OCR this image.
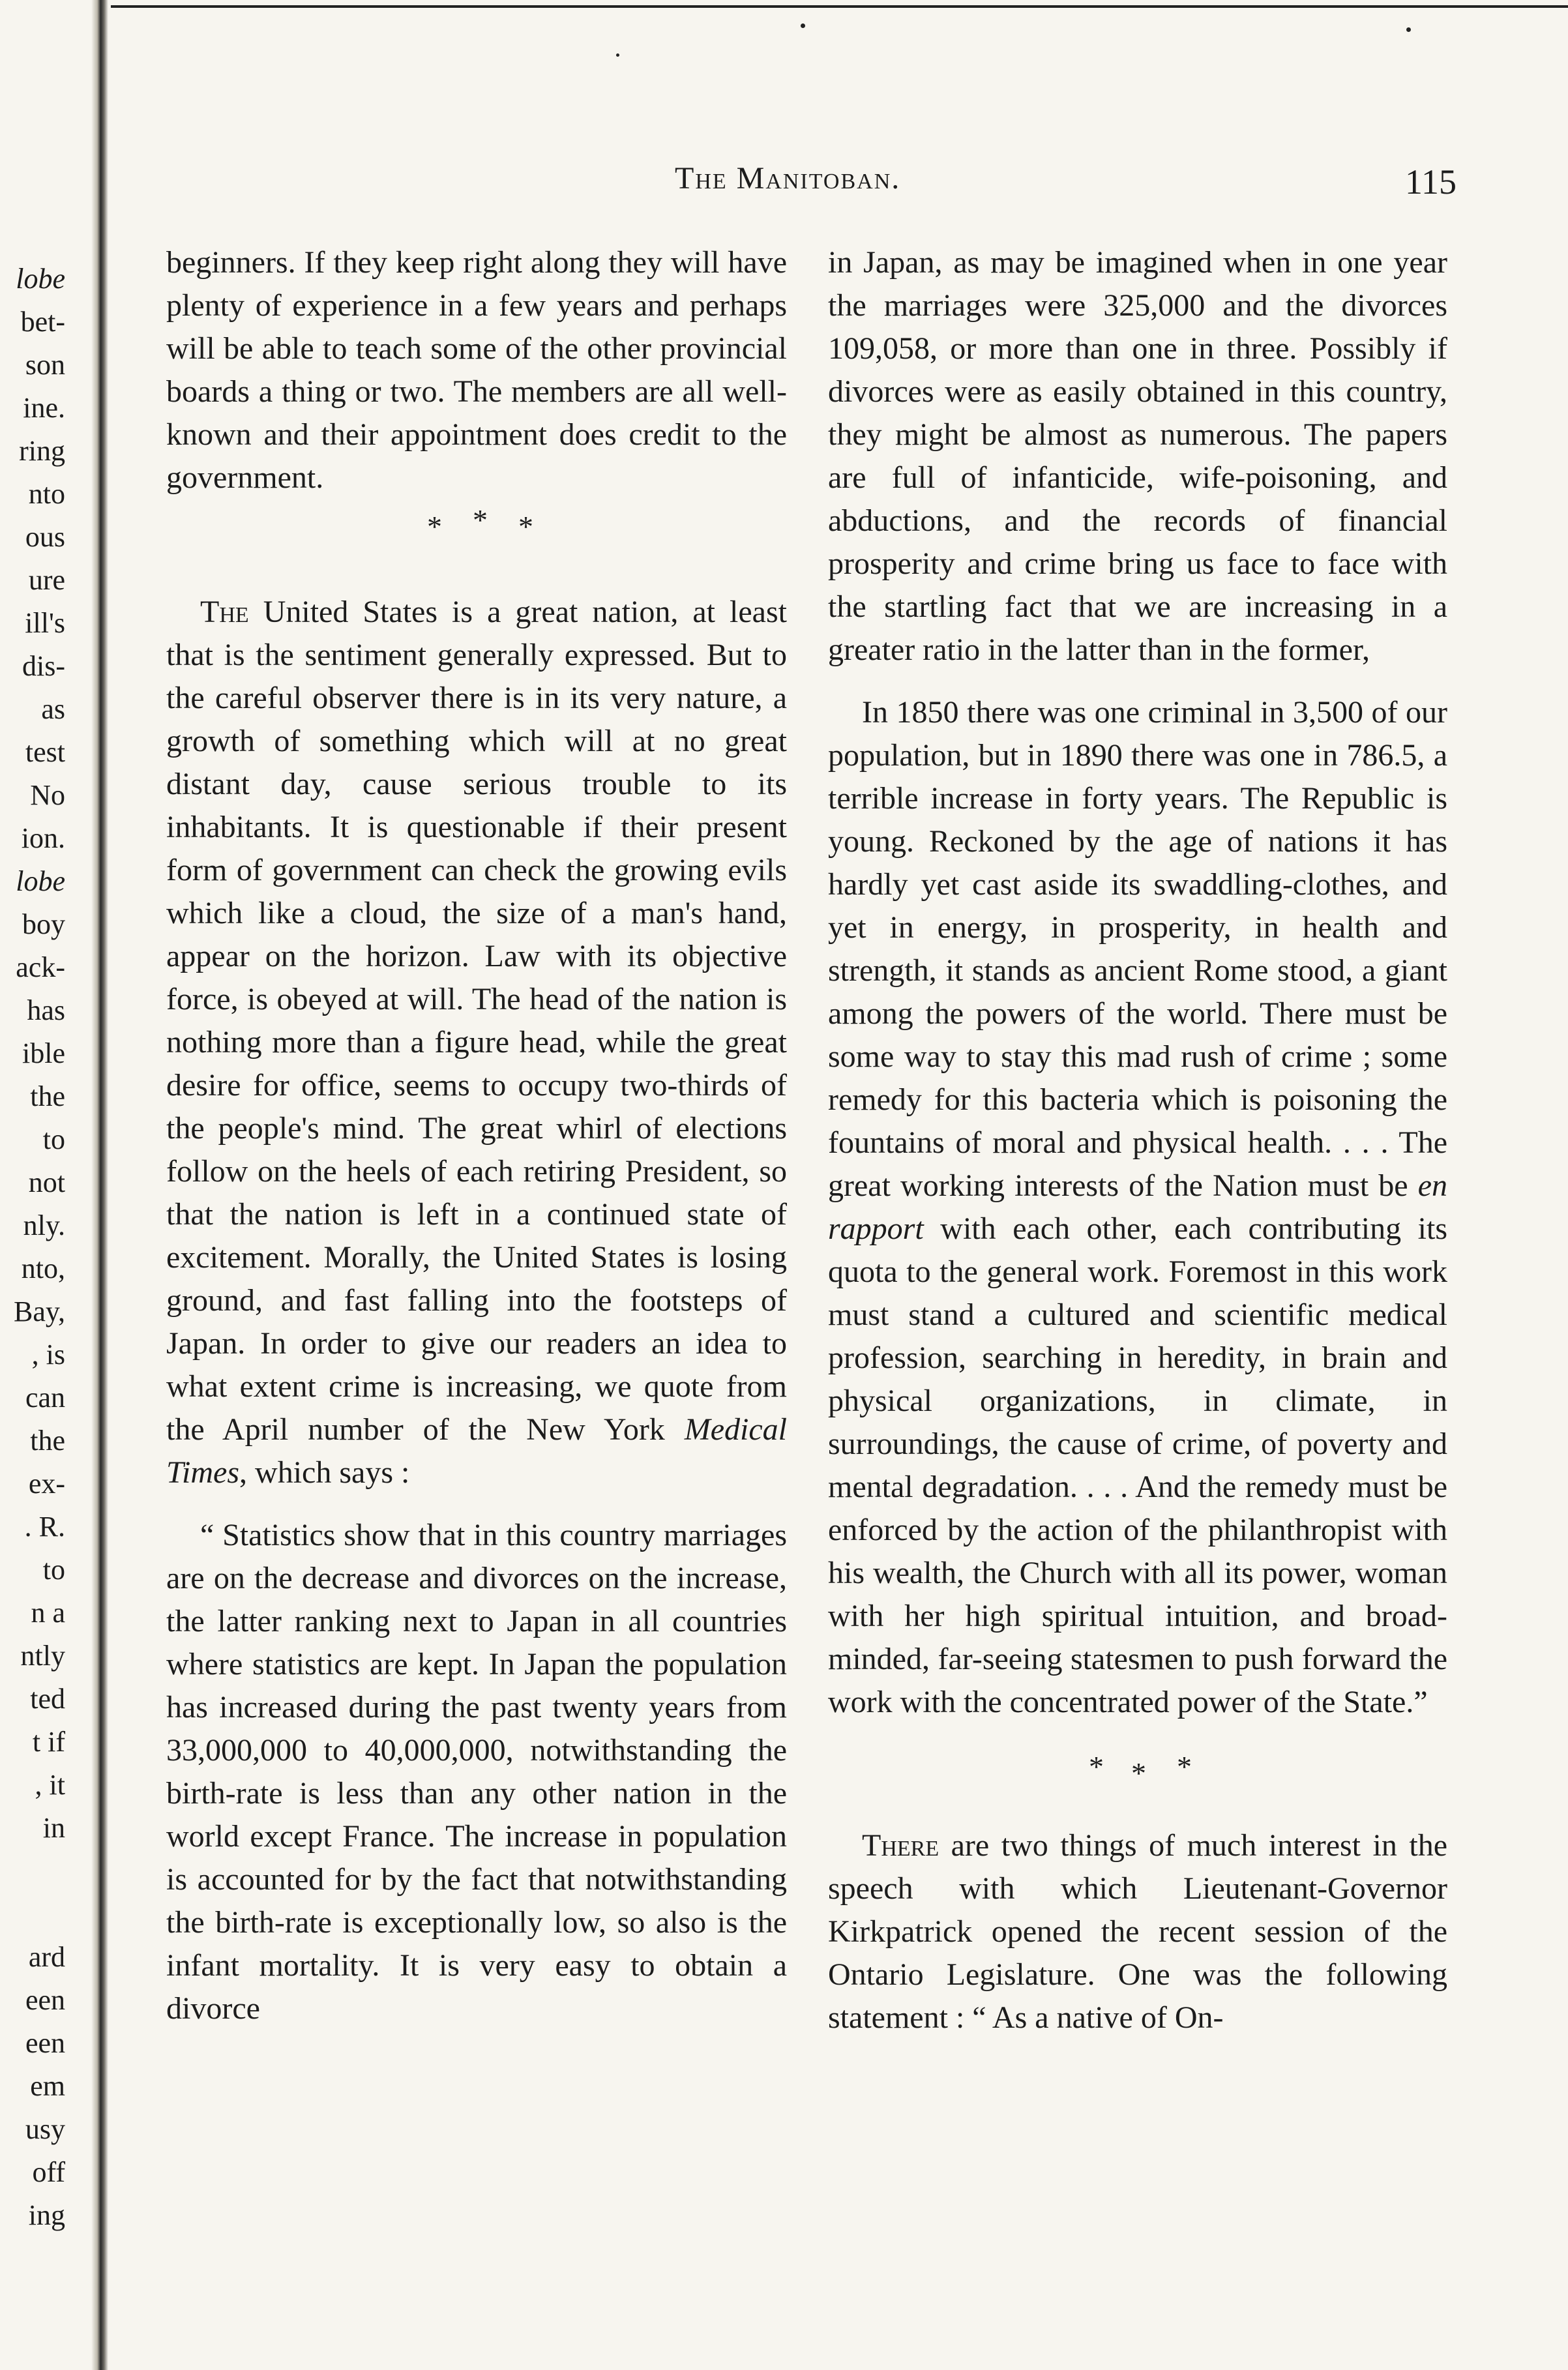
The Manitoban.	115
lobe
bet-
son
ine.
ring
nto
ous
ure
ill's
dis-
as
test
No
ion.
lobe
boy
ack-
has
ible
the
to
not
nly.
nto,
Bay,
, is
can
the
ex-
. R.
to
n a
ntly
ted
t if
, it
in
ard
een
een
em
usy
off
ing

beginners. If they keep right along they will have plenty of experience in a few years and perhaps will be able to teach some of the other provincial boards a thing or two. The members are all well-known and their appointment does credit to the government.

* * *

The United States is a great nation, at least that is the sentiment generally expressed. But to the careful observer there is in its very nature, a growth of something which will at no great distant day, cause serious trouble to its inhabitants. It is questionable if their present form of government can check the growing evils which like a cloud, the size of a man's hand, appear on the horizon. Law with its objective force, is obeyed at will. The head of the nation is nothing more than a figure head, while the great desire for office, seems to occupy two-thirds of the people's mind. The great whirl of elections follow on the heels of each retiring President, so that the nation is left in a continued state of excitement. Morally, the United States is losing ground, and fast falling into the footsteps of Japan. In order to give our readers an idea to what extent crime is increasing, we quote from the April number of the New York Medical Times, which says :

“ Statistics show that in this country marriages are on the decrease and divorces on the increase, the latter ranking next to Japan in all countries where statistics are kept. In Japan the population has increased during the past twenty years from 33,000,000 to 40,000,000, notwithstanding the birth-rate is less than any other nation in the world except France. The increase in population is accounted for by the fact that notwithstanding the birth-rate is exceptionally low, so also is the infant mortality. It is very easy to obtain a divorce

in Japan, as may be imagined when in one year the marriages were 325,000 and the divorces 109,058, or more than one in three. Possibly if divorces were as easily obtained in this country, they might be almost as numerous. The papers are full of infanticide, wife-poisoning, and abductions, and the records of financial prosperity and crime bring us face to face with the startling fact that we are increasing in a greater ratio in the latter than in the former,

In 1850 there was one criminal in 3,500 of our population, but in 1890 there was one in 786.5, a terrible increase in forty years. The Republic is young. Reckoned by the age of nations it has hardly yet cast aside its swaddling-clothes, and yet in energy, in prosperity, in health and strength, it stands as ancient Rome stood, a giant among the powers of the world. There must be some way to stay this mad rush of crime ; some remedy for this bacteria which is poisoning the fountains of moral and physical health. . . . The great working interests of the Nation must be en rapport with each other, each contributing its quota to the general work. Foremost in this work must stand a cultured and scientific medical profession, searching in heredity, in brain and physical organizations, in climate, in surroundings, the cause of crime, of poverty and mental degradation. . . . And the remedy must be enforced by the action of the philanthropist with his wealth, the Church with all its power, woman with her high spiritual intuition, and broad-minded, far-seeing statesmen to push forward the work with the concentrated power of the State.”

* * *

There are two things of much interest in the speech with which Lieutenant-Governor Kirkpatrick opened the recent session of the Ontario Legislature. One was the following statement : “ As a native of On-
